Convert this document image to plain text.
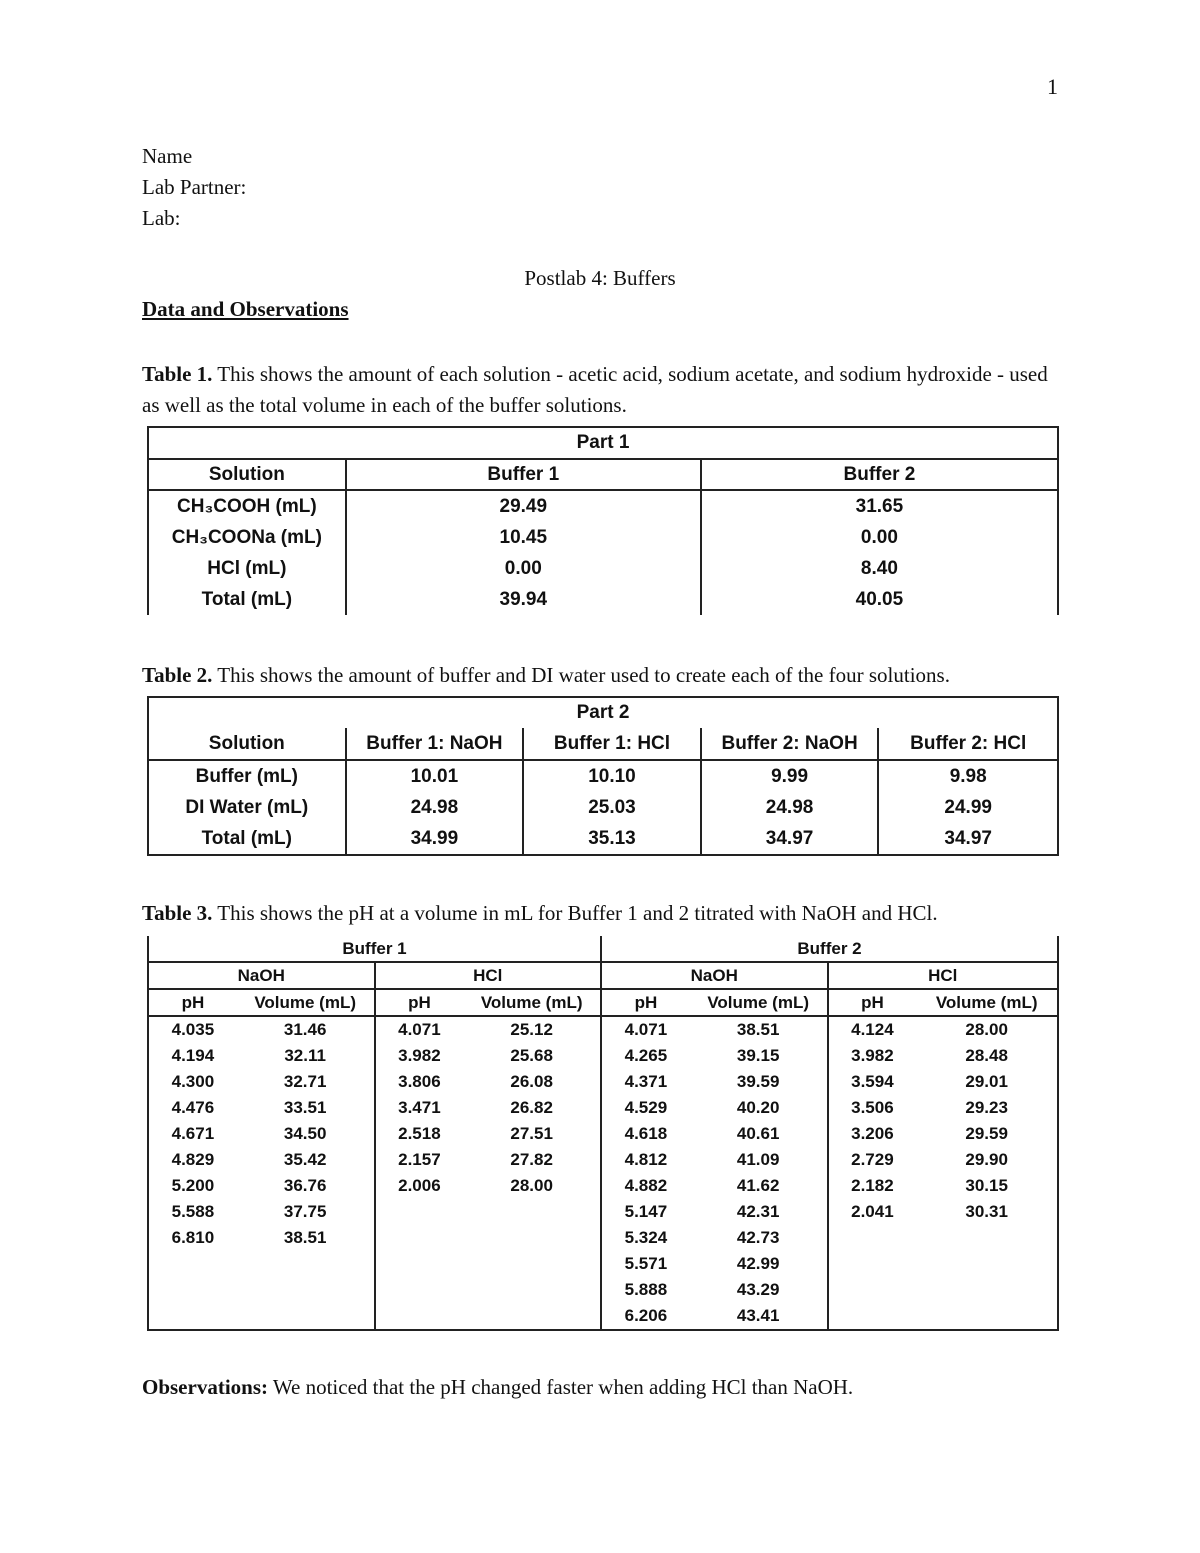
1
Name
Lab Partner:
Lab:
Postlab 4: Buffers
Data and Observations
Table 1. This shows the amount of each solution - acetic acid, sodium acetate, and sodium hydroxide - used as well as the total volume in each of the buffer solutions.
Part 1		
Solution	Buffer 1	Buffer 2
CH₃COOH (mL)	29.49	31.65
CH₃COONa (mL)	10.45	0.00
HCl (mL)	0.00	8.40
Total (mL)	39.94	40.05
Table 2. This shows the amount of buffer and DI water used to create each of the four solutions.
Part 2				
Solution	Buffer 1: NaOH	Buffer 1: HCl	Buffer 2: NaOH	Buffer 2: HCl
Buffer (mL)	10.01	10.10	9.99	9.98
DI Water (mL)	24.98	25.03	24.98	24.99
Total (mL)	34.99	35.13	34.97	34.97
Table 3. This shows the pH at a volume in mL for Buffer 1 and 2 titrated with NaOH and HCl.
Buffer 1				Buffer 2			
NaOH		HCl		NaOH		HCl	
pH	Volume (mL)	pH	Volume (mL)	pH	Volume (mL)	pH	Volume (mL)
4.035	31.46	4.071	25.12	4.071	38.51	4.124	28.00
4.194	32.11	3.982	25.68	4.265	39.15	3.982	28.48
4.300	32.71	3.806	26.08	4.371	39.59	3.594	29.01
4.476	33.51	3.471	26.82	4.529	40.20	3.506	29.23
4.671	34.50	2.518	27.51	4.618	40.61	3.206	29.59
4.829	35.42	2.157	27.82	4.812	41.09	2.729	29.90
5.200	36.76	2.006	28.00	4.882	41.62	2.182	30.15
5.588	37.75			5.147	42.31	2.041	30.31
6.810	38.51			5.324	42.73		
				5.571	42.99		
				5.888	43.29		
				6.206	43.41		
Observations: We noticed that the pH changed faster when adding HCl than NaOH.
